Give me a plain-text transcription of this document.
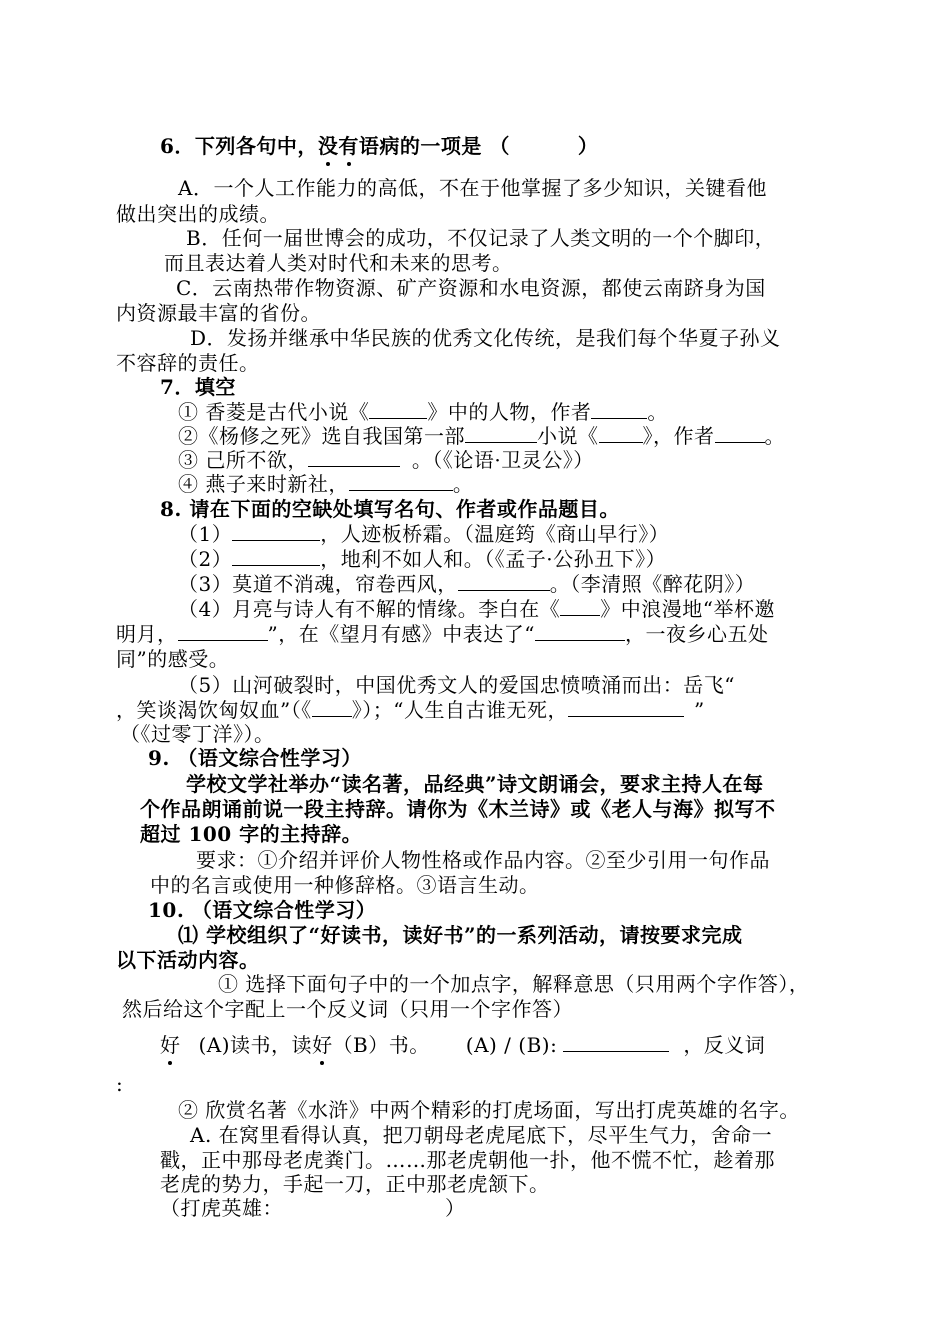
6．下列各句中，没有语病的一项是 （	）
A．一个人工作能力的高低，不在于他掌握了多少知识，关键看他
做出突出的成绩。
B．任何一届世博会的成功，不仅记录了人类文明的一个个脚印，
而且表达着人类对时代和未来的思考。
C．云南热带作物资源、矿产资源和水电资源，都使云南跻身为国
内资源最丰富的省份。
D．发扬并继承中华民族的优秀文化传统，是我们每个华夏子孙义
不容辞的责任。
7．填空
① 香菱是古代小说《	》中的人物，作者	。
②《杨修之死》选自我国第一部	小说《 》，作者	。
③ 己所不欲，	。（《论语·卫灵公》）
④ 燕子来时新社，	。
8. 请在下面的空缺处填写名句、作者或作品题目。
（1）	，人迹板桥霜。（温庭筠《商山早行》）
（2）	，地利不如人和。（《孟子·公孙丑下》）
（3）莫道不消魂，帘卷西风，	。（李清照《醉花阴》）
（4）月亮与诗人有不解的情缘。李白在《 》中浪漫地“举杯邀
明月，	”，在《望月有感》中表达了“	，一夜乡心五处
同”的感受。
（5）山河破裂时，中国优秀文人的爱国忠愤喷涌而出：岳飞“
，笑谈渴饮匈奴血”（《 》）；“人生自古谁无死，	”
（《过零丁洋》）。
9. （语文综合性学习）
学校文学社举办“读名著，品经典”诗文朗诵会，要求主持人在每
个作品朗诵前说一段主持辞。请你为《木兰诗》或《老人与海》拟写不
超过 100 字的主持辞。
要求：①介绍并评价人物性格或作品内容。②至少引用一句作品
中的名言或使用一种修辞格。③语言生动。
10. （语文综合性学习）
⑴ 学校组织了“好读书，读好书”的一系列活动，请按要求完成
以下活动内容。
① 选择下面句子中的一个加点字，解释意思（只用两个字作答），
然后给这个字配上一个反义词（只用一个字作答）
好 (A)读书，读好（B）书。 (A) / (B):	，反义词
:
② 欣赏名著《水浒》中两个精彩的打虎场面，写出打虎英雄的名字。
A. 在窝里看得认真，把刀朝母老虎尾底下，尽平生气力，舍命一
戳，正中那母老虎粪门。……那老虎朝他一扑，他不慌不忙，趁着那
老虎的势力，手起一刀，正中那老虎颔下。
（打虎英雄：	）
